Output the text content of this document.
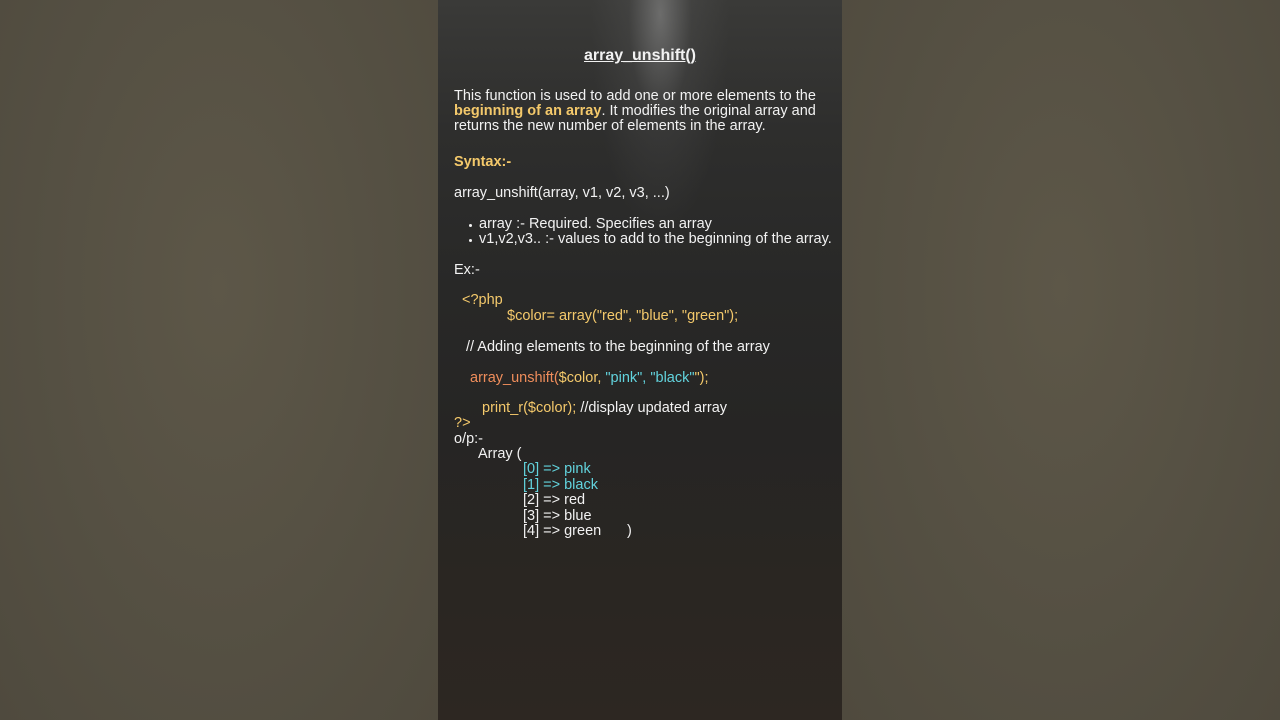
array_unshift()
This function is used to add one or more elements to the
beginning of an array. It modifies the original array and
returns the new number of elements in the array.
Syntax:-
array_unshift(array, v1, v2, v3, ...)
array :- Required. Specifies an array
v1,v2,v3.. :- values to add to the beginning of the array.
Ex:-
<?php
$color= array("red", "blue", "green");
// Adding elements to the beginning of the array
array_unshift($color, "pink", "black"");
print_r($color); //display updated array
?>
o/p:-
Array (
[0] => pink
[1] => black
[2] => red
[3] => blue
[4] => green )
